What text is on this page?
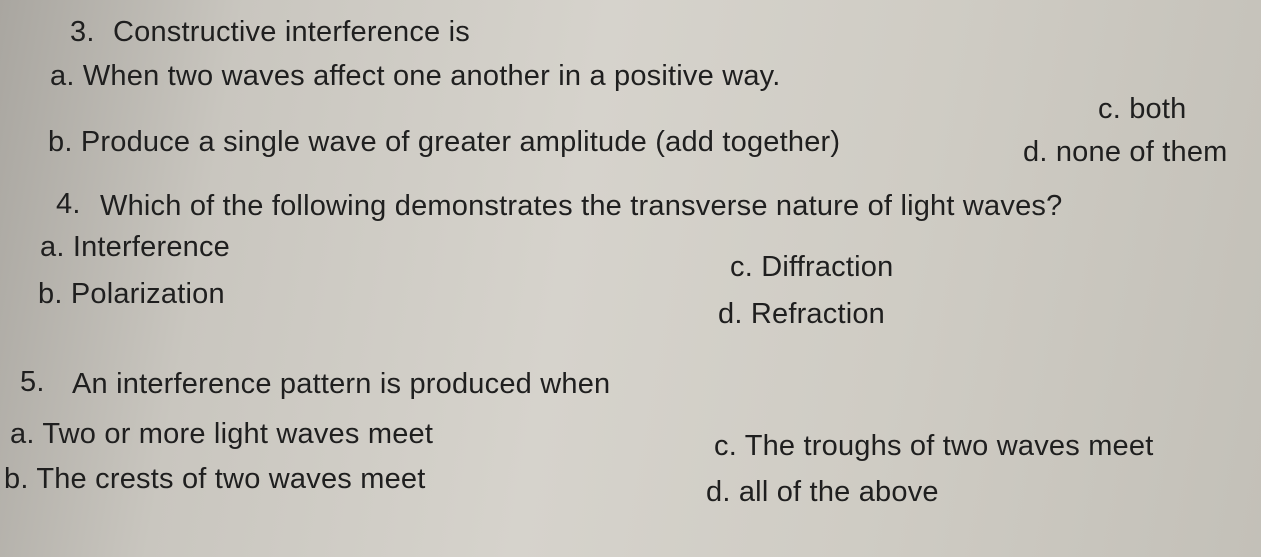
3. Constructive interference is
a. When two waves affect one another in a positive way.
c. both
b. Produce a single wave of greater amplitude (add together)	d. none of them
4. Which of the following demonstrates the transverse nature of light waves?
a. Interference
c. Diffraction
b. Polarization
d. Refraction
5. An interference pattern is produced when
a. Two or more light waves meet	c. The troughs of two waves meet
b. The crests of two waves meet	d. all of the above
